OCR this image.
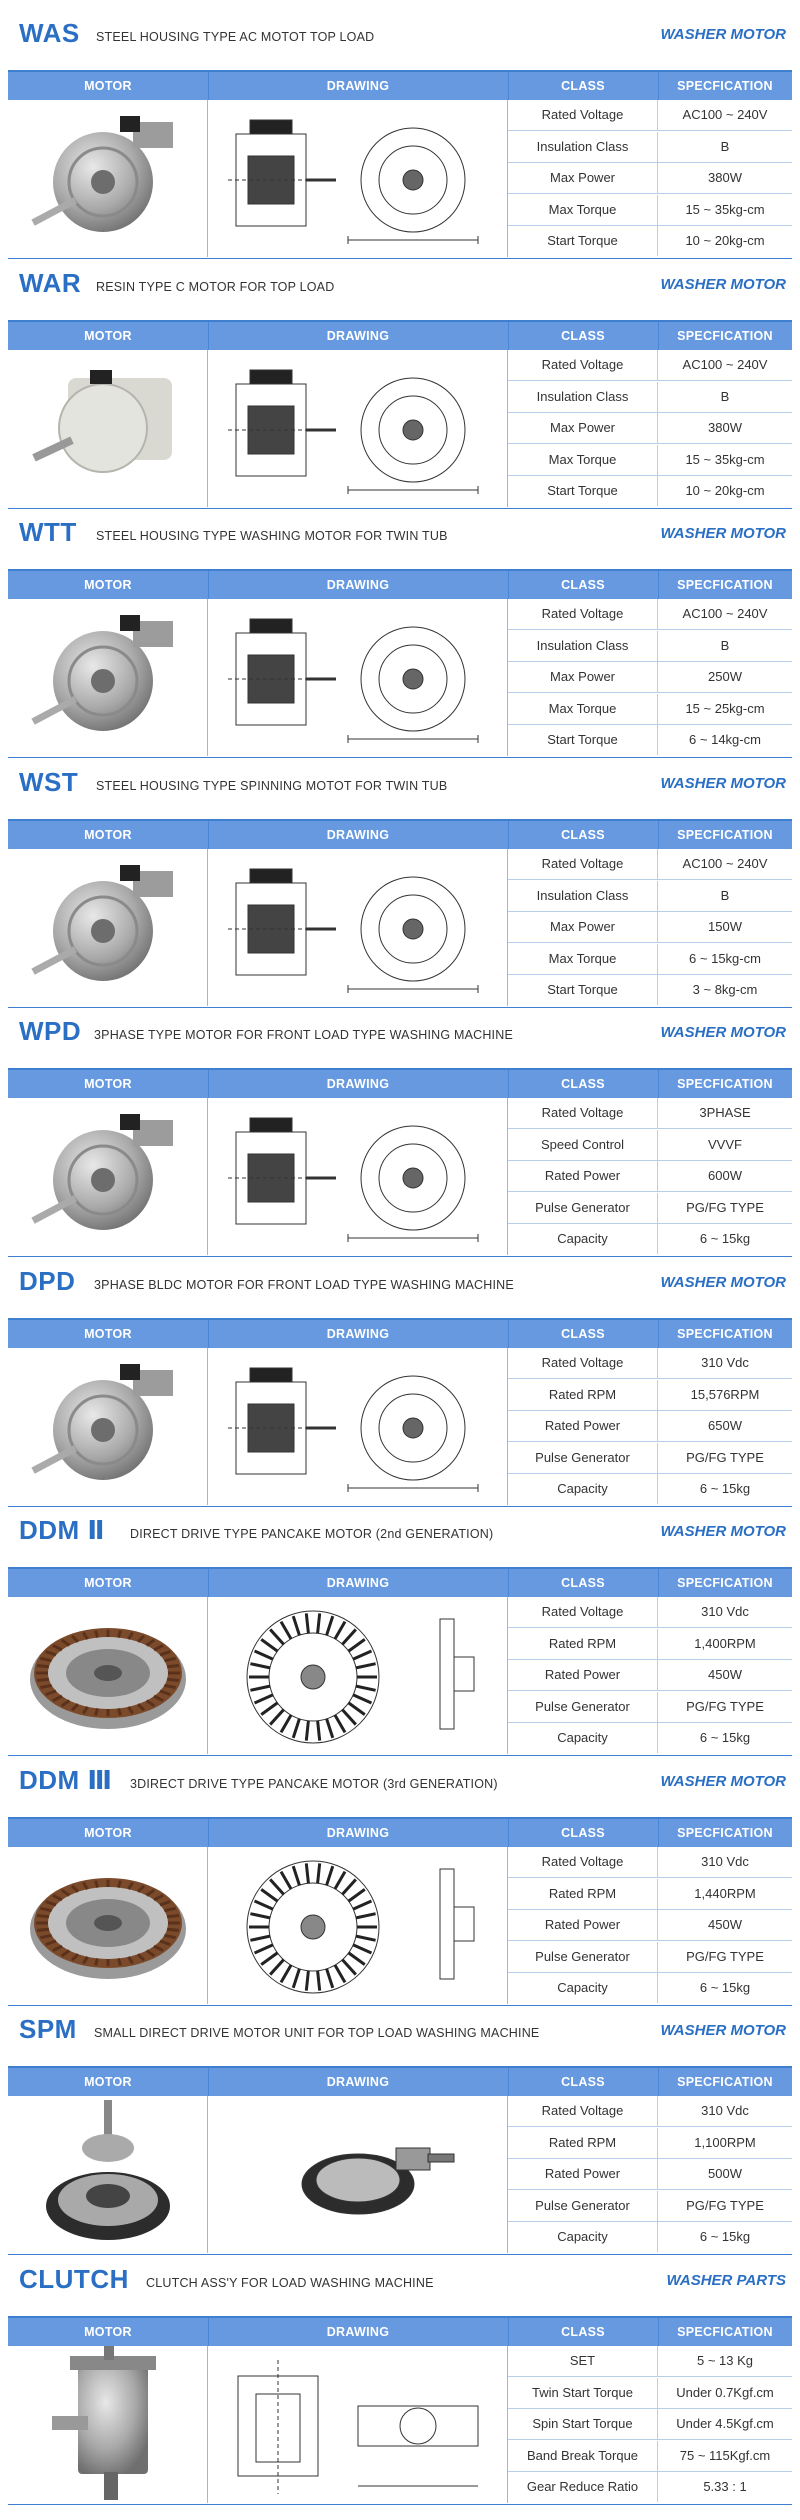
WAS STEEL HOUSING TYPE AC MOTOT TOP LOAD	WASHER MOTOR
MOTOR	DRAWING	CLASS	SPECFICATION
Rated Voltage	AC100 ~ 240V
Insulation Class	B
Max Power	380W
Max Torque	15 ~ 35kg-cm
Start Torque	10 ~ 20kg-cm
WAR RESIN TYPE C MOTOR FOR TOP LOAD	WASHER MOTOR
MOTOR	DRAWING	CLASS	SPECFICATION
Rated Voltage	AC100 ~ 240V
Insulation Class	B
Max Power	380W
Max Torque	15 ~ 35kg-cm
Start Torque	10 ~ 20kg-cm
WTT STEEL HOUSING TYPE WASHING MOTOR FOR TWIN TUB	WASHER MOTOR
MOTOR	DRAWING	CLASS	SPECFICATION
Rated Voltage	AC100 ~ 240V
Insulation Class	B
Max Power	250W
Max Torque	15 ~ 25kg-cm
Start Torque	6 ~ 14kg-cm
WST STEEL HOUSING TYPE SPINNING MOTOT FOR TWIN TUB	WASHER MOTOR
MOTOR	DRAWING	CLASS	SPECFICATION
Rated Voltage	AC100 ~ 240V
Insulation Class	B
Max Power	150W
Max Torque	6 ~ 15kg-cm
Start Torque	3 ~ 8kg-cm
WPD 3PHASE TYPE MOTOR FOR FRONT LOAD TYPE WASHING MACHINE	WASHER MOTOR
MOTOR	DRAWING	CLASS	SPECFICATION
Rated Voltage	3PHASE
Speed Control	VVVF
Rated Power	600W
Pulse Generator	PG/FG TYPE
Capacity	6 ~ 15kg
DPD 3PHASE BLDC MOTOR FOR FRONT LOAD TYPE WASHING MACHINE	WASHER MOTOR
MOTOR	DRAWING	CLASS	SPECFICATION
Rated Voltage	310 Vdc
Rated RPM	15,576RPM
Rated Power	650W
Pulse Generator	PG/FG TYPE
Capacity	6 ~ 15kg
DDM Ⅱ DIRECT DRIVE TYPE PANCAKE MOTOR (2nd GENERATION)	WASHER MOTOR
MOTOR	DRAWING	CLASS	SPECFICATION
Rated Voltage	310 Vdc
Rated RPM	1,400RPM
Rated Power	450W
Pulse Generator	PG/FG TYPE
Capacity	6 ~ 15kg
DDM Ⅲ 3DIRECT DRIVE TYPE PANCAKE MOTOR (3rd GENERATION)	WASHER MOTOR
MOTOR	DRAWING	CLASS	SPECFICATION
Rated Voltage	310 Vdc
Rated RPM	1,440RPM
Rated Power	450W
Pulse Generator	PG/FG TYPE
Capacity	6 ~ 15kg
SPM SMALL DIRECT DRIVE MOTOR UNIT FOR TOP LOAD WASHING MACHINE	WASHER MOTOR
MOTOR	DRAWING	CLASS	SPECFICATION
Rated Voltage	310 Vdc
Rated RPM	1,100RPM
Rated Power	500W
Pulse Generator	PG/FG TYPE
Capacity	6 ~ 15kg
CLUTCH CLUTCH ASS'Y FOR LOAD WASHING MACHINE	WASHER PARTS
MOTOR	DRAWING	CLASS	SPECFICATION
SET	5 ~ 13 Kg
Twin Start Torque	Under 0.7Kgf.cm
Spin Start Torque	Under 4.5Kgf.cm
Band Break Torque	75 ~ 115Kgf.cm
Gear Reduce Ratio	5.33 : 1
